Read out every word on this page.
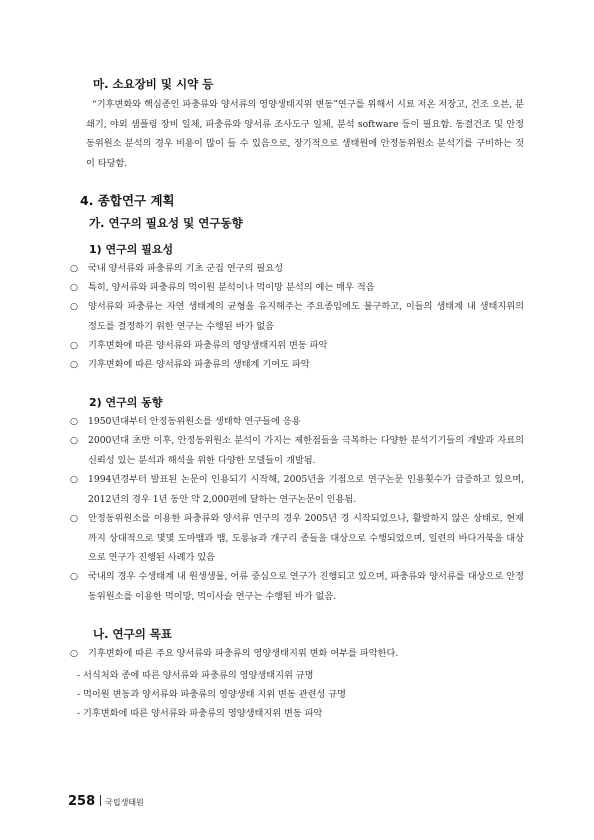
마. 소요장비 및 시약 등
“기후변화와 핵심종인 파충류와 양서류의 영양생태지위 변동”연구를 위해서 시료 저온 저장고, 건조 오븐, 분쇄기, 야외 샘플링 장비 일체, 파충류와 양서류 조사도구 일체, 분석 software 등이 필요함. 동결건조 및 안정동위원소 분석의 경우 비용이 많이 들 수 있음으로, 장기적으로 생태원에 안정동위원소 분석기를 구비하는 것이 타당함.
4. 종합연구 계획
가. 연구의 필요성 및 연구동향
1) 연구의 필요성
○ 국내 양서류와 파충류의 기초 군집 연구의 필요성
○ 특히, 양서류와 파충류의 먹이원 분석이나 먹이망 분석의 예는 매우 적음
○ 양서류와 파충류는 자연 생태계의 균형을 유지해주는 주요종임에도 불구하고, 이들의 생태계 내 생태지위의 정도를 결정하기 위한 연구는 수행된 바가 없음
○ 기후변화에 따른 양서류와 파충류의 영양생태지위 변동 파악
○ 기후변화에 따른 양서류와 파충류의 생태계 기여도 파악
2) 연구의 동향
○ 1950년대부터 안정동위원소를 생태학 연구들에 응용
○ 2000년대 초반 이후, 안정동위원소 분석이 가지는 제한점들을 극복하는 다양한 분석기기들의 개발과 자료의 신뢰성 있는 분석과 해석을 위한 다양한 모델들이 개발됨.
○ 1994년경부터 발표된 논문이 인용되기 시작해, 2005년을 기점으로 연구논문 인용횟수가 급증하고 있으며, 2012년의 경우 1년 동안 약 2,000편에 달하는 연구논문이 인용됨.
○ 안정동위원소를 이용한 파충류와 양서류 연구의 경우 2005년 경 시작되었으나, 활발하지 않은 상태로, 현재까지 상대적으로 몇몇 도마뱀과 뱀, 도롱뇽과 개구리 종들을 대상으로 수행되었으며, 일련의 바다거북을 대상으로 연구가 진행된 사례가 있음
○ 국내의 경우 수생태계 내 원생생물, 어류 중심으로 연구가 진행되고 있으며, 파충류와 양서류를 대상으로 안정동위원소를 이용한 먹이망, 먹이사슬 연구는 수행된 바가 없음.
나. 연구의 목표
○ 기후변화에 따른 주요 양서류와 파충류의 영양생태지위 변화 여부를 파악한다.
- 서식처와 종에 따른 양서류와 파충류의 영양생태지위 규명
- 먹이원 변동과 양서류와 파충류의 영양생태 지위 변동 관련성 규명
- 기후변화에 따른 양서류와 파충류의 영양생태지위 변동 파악
258 국립생태원
